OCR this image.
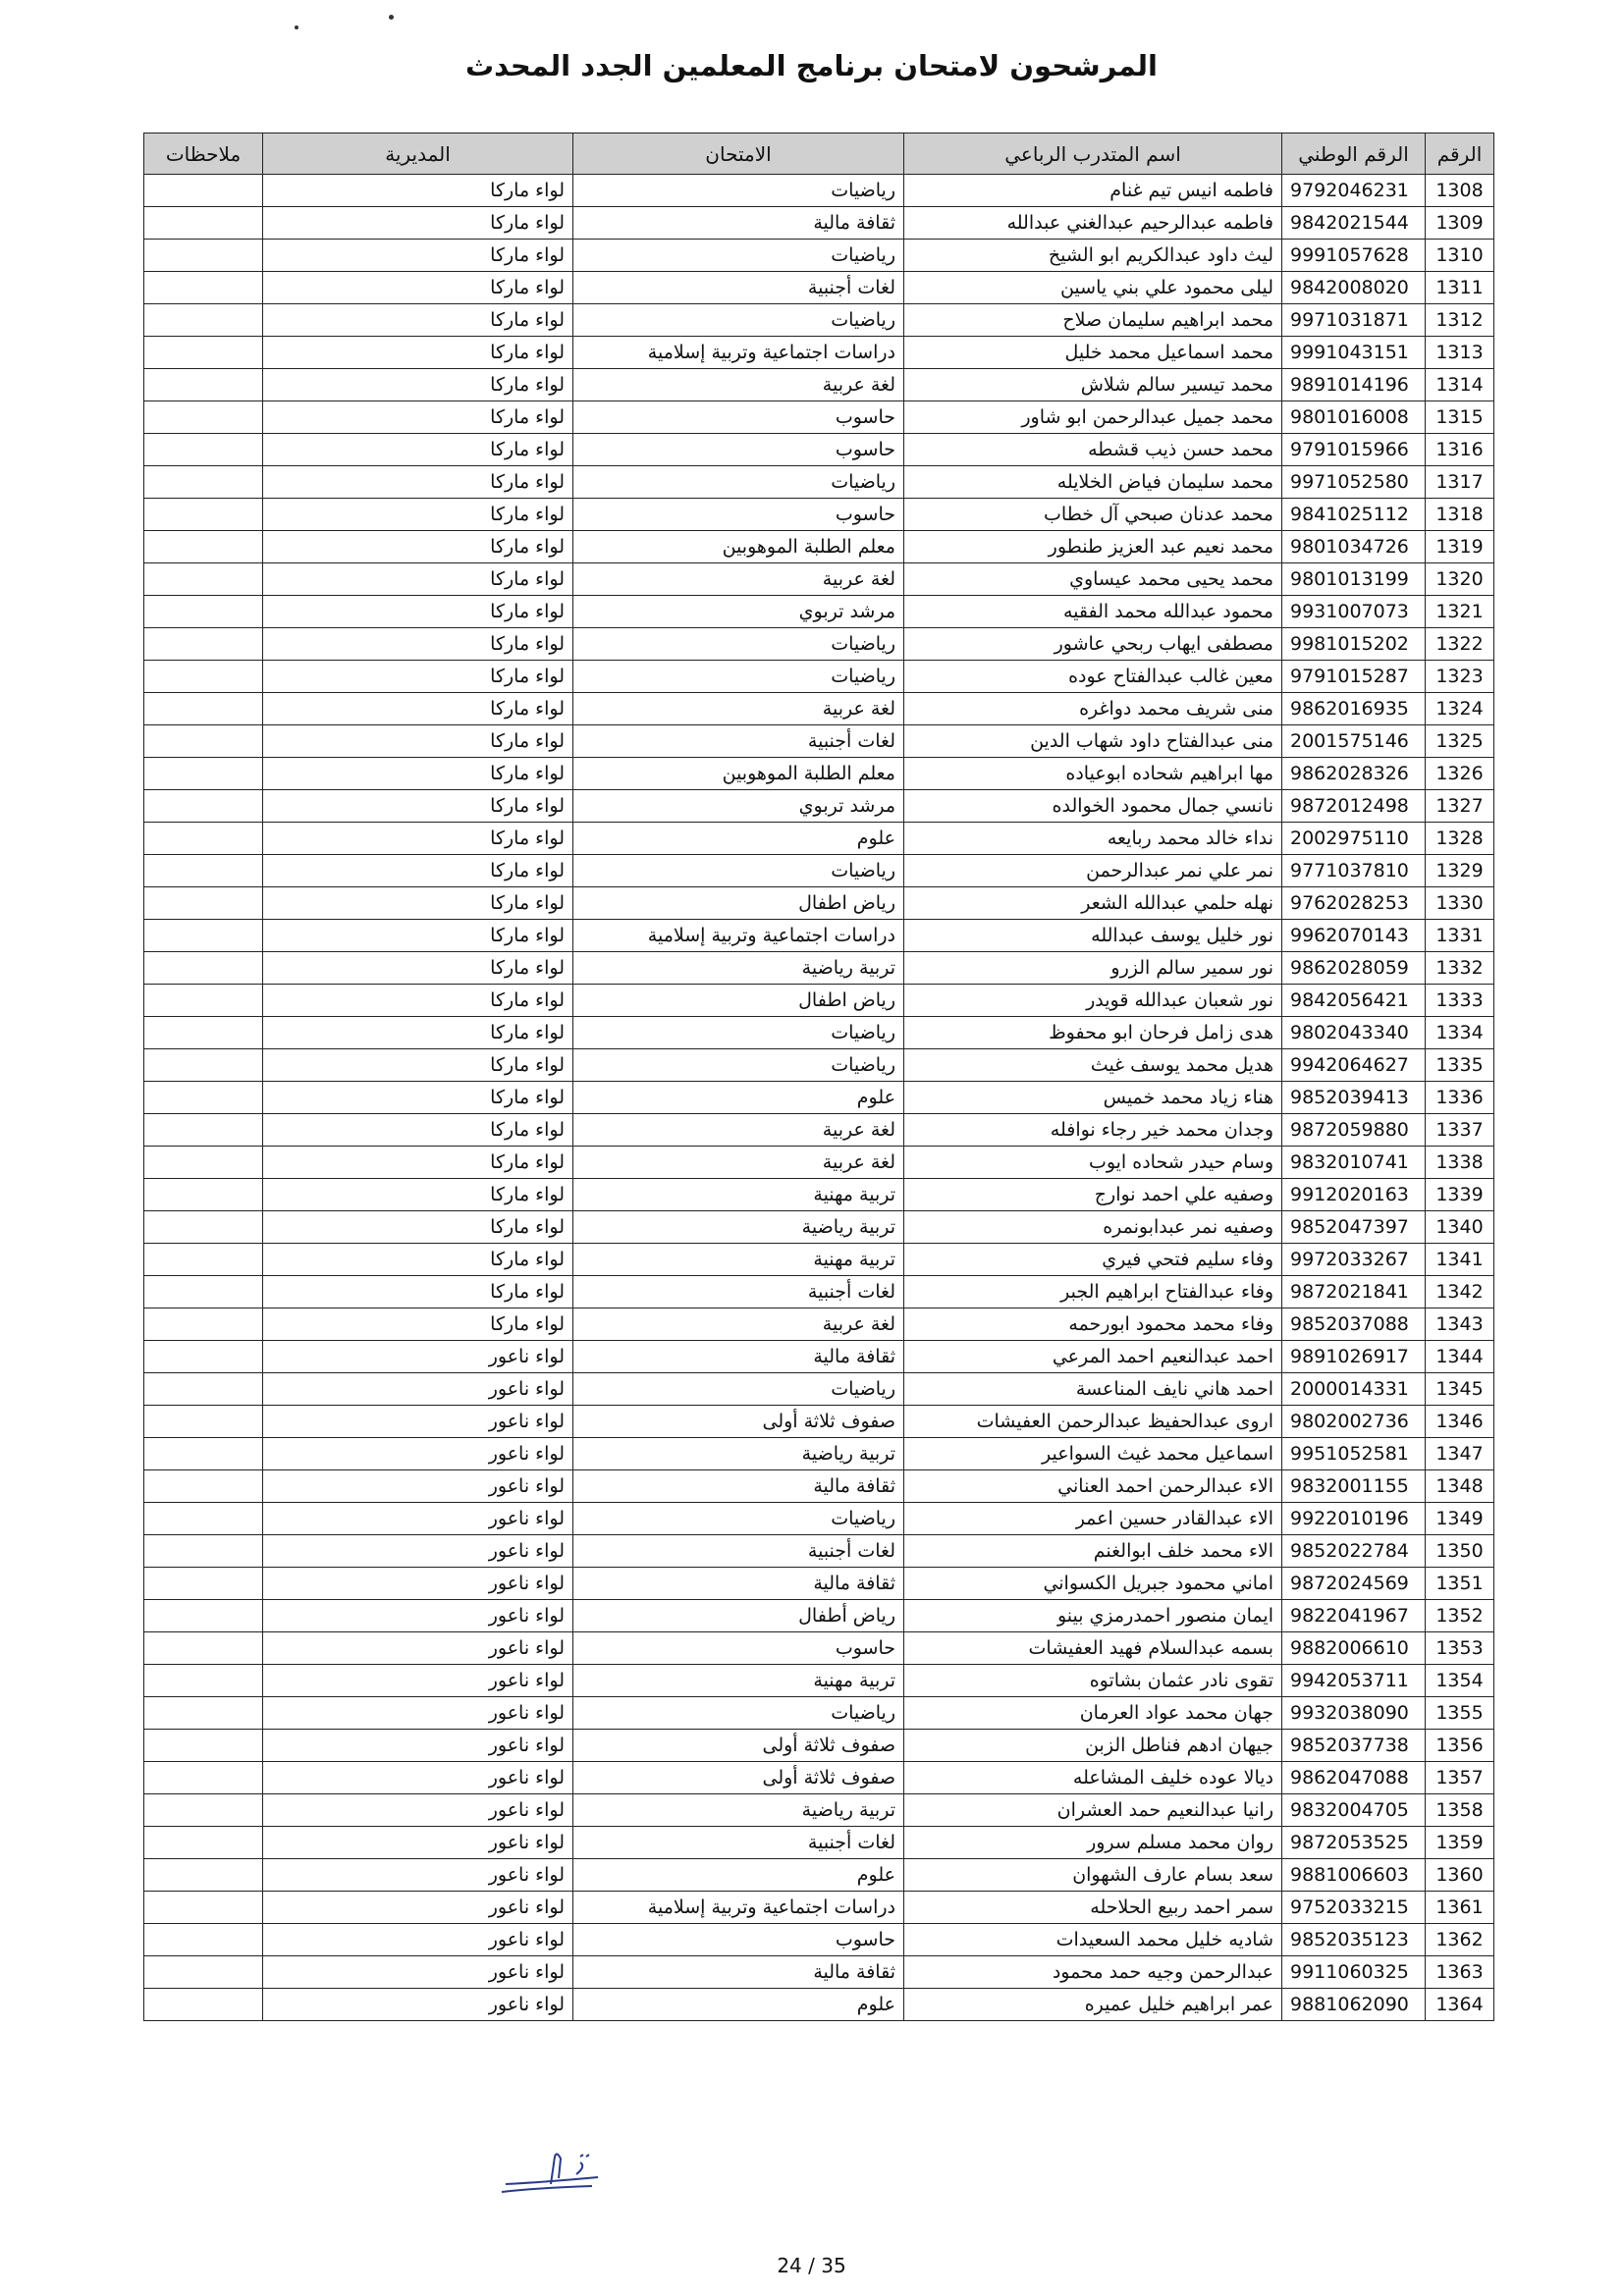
المرشحون لامتحان برنامج المعلمين الجدد المحدث
الرقم	الرقم الوطني	اسم المتدرب الرباعي	الامتحان	المديرية	ملاحظات
1308	9792046231	فاطمه انيس تيم غنام	رياضيات	لواء ماركا	
1309	9842021544	فاطمه عبدالرحيم عبدالغني عبدالله	ثقافة مالية	لواء ماركا	
1310	9991057628	ليث داود عبدالكريم ابو الشيخ	رياضيات	لواء ماركا	
1311	9842008020	ليلى محمود علي بني ياسين	لغات أجنبية	لواء ماركا	
1312	9971031871	محمد ابراهيم سليمان صلاح	رياضيات	لواء ماركا	
1313	9991043151	محمد اسماعيل محمد خليل	دراسات اجتماعية وتربية إسلامية	لواء ماركا	
1314	9891014196	محمد تيسير سالم شلاش	لغة عربية	لواء ماركا	
1315	9801016008	محمد جميل عبدالرحمن ابو شاور	حاسوب	لواء ماركا	
1316	9791015966	محمد حسن ذيب قشطه	حاسوب	لواء ماركا	
1317	9971052580	محمد سليمان فياض الخلايله	رياضيات	لواء ماركا	
1318	9841025112	محمد عدنان صبحي آل خطاب	حاسوب	لواء ماركا	
1319	9801034726	محمد نعيم عبد العزيز طنطور	معلم الطلبة الموهوبين	لواء ماركا	
1320	9801013199	محمد يحيى محمد عيساوي	لغة عربية	لواء ماركا	
1321	9931007073	محمود عبدالله محمد الفقيه	مرشد تربوي	لواء ماركا	
1322	9981015202	مصطفى ايهاب ربحي عاشور	رياضيات	لواء ماركا	
1323	9791015287	معين غالب عبدالفتاح عوده	رياضيات	لواء ماركا	
1324	9862016935	منى شريف محمد دواغره	لغة عربية	لواء ماركا	
1325	2001575146	منى عبدالفتاح داود شهاب الدين	لغات أجنبية	لواء ماركا	
1326	9862028326	مها ابراهيم شحاده ابوعياده	معلم الطلبة الموهوبين	لواء ماركا	
1327	9872012498	نانسي جمال محمود الخوالده	مرشد تربوي	لواء ماركا	
1328	2002975110	نداء خالد محمد ربايعه	علوم	لواء ماركا	
1329	9771037810	نمر علي نمر عبدالرحمن	رياضيات	لواء ماركا	
1330	9762028253	نهله حلمي عبدالله الشعر	رياض اطفال	لواء ماركا	
1331	9962070143	نور خليل يوسف عبدالله	دراسات اجتماعية وتربية إسلامية	لواء ماركا	
1332	9862028059	نور سمير سالم الزرو	تربية رياضية	لواء ماركا	
1333	9842056421	نور شعبان عبدالله قويدر	رياض اطفال	لواء ماركا	
1334	9802043340	هدى زامل فرحان ابو محفوظ	رياضيات	لواء ماركا	
1335	9942064627	هديل محمد يوسف غيث	رياضيات	لواء ماركا	
1336	9852039413	هناء زياد محمد خميس	علوم	لواء ماركا	
1337	9872059880	وجدان محمد خير رجاء نوافله	لغة عربية	لواء ماركا	
1338	9832010741	وسام حيدر شحاده ايوب	لغة عربية	لواء ماركا	
1339	9912020163	وصفيه علي احمد نوارج	تربية مهنية	لواء ماركا	
1340	9852047397	وصفيه نمر عبدابونمره	تربية رياضية	لواء ماركا	
1341	9972033267	وفاء سليم فتحي فيري	تربية مهنية	لواء ماركا	
1342	9872021841	وفاء عبدالفتاح ابراهيم الجبر	لغات أجنبية	لواء ماركا	
1343	9852037088	وفاء محمد محمود ابورحمه	لغة عربية	لواء ماركا	
1344	9891026917	احمد عبدالنعيم احمد المرعي	ثقافة مالية	لواء ناعور	
1345	2000014331	احمد هاني نايف المناعسة	رياضيات	لواء ناعور	
1346	9802002736	اروى عبدالحفيظ عبدالرحمن العفيشات	صفوف ثلاثة أولى	لواء ناعور	
1347	9951052581	اسماعيل محمد غيث السواعير	تربية رياضية	لواء ناعور	
1348	9832001155	الاء عبدالرحمن احمد العناني	ثقافة مالية	لواء ناعور	
1349	9922010196	الاء عبدالقادر حسين اعمر	رياضيات	لواء ناعور	
1350	9852022784	الاء محمد خلف ابوالغنم	لغات أجنبية	لواء ناعور	
1351	9872024569	اماني محمود جبريل الكسواني	ثقافة مالية	لواء ناعور	
1352	9822041967	ايمان منصور احمدرمزي بينو	رياض أطفال	لواء ناعور	
1353	9882006610	بسمه عبدالسلام فهيد العفيشات	حاسوب	لواء ناعور	
1354	9942053711	تقوى نادر عثمان بشاتوه	تربية مهنية	لواء ناعور	
1355	9932038090	جهان محمد عواد العرمان	رياضيات	لواء ناعور	
1356	9852037738	جيهان ادهم فناطل الزبن	صفوف ثلاثة أولى	لواء ناعور	
1357	9862047088	ديالا عوده خليف المشاعله	صفوف ثلاثة أولى	لواء ناعور	
1358	9832004705	رانيا عبدالنعيم حمد العشران	تربية رياضية	لواء ناعور	
1359	9872053525	روان محمد مسلم سرور	لغات أجنبية	لواء ناعور	
1360	9881006603	سعد بسام عارف الشهوان	علوم	لواء ناعور	
1361	9752033215	سمر احمد ربيع الحلاحله	دراسات اجتماعية وتربية إسلامية	لواء ناعور	
1362	9852035123	شاديه خليل محمد السعيدات	حاسوب	لواء ناعور	
1363	9911060325	عبدالرحمن وجيه حمد محمود	ثقافة مالية	لواء ناعور	
1364	9881062090	عمر ابراهيم خليل عميره	علوم	لواء ناعور	
24 / 35
